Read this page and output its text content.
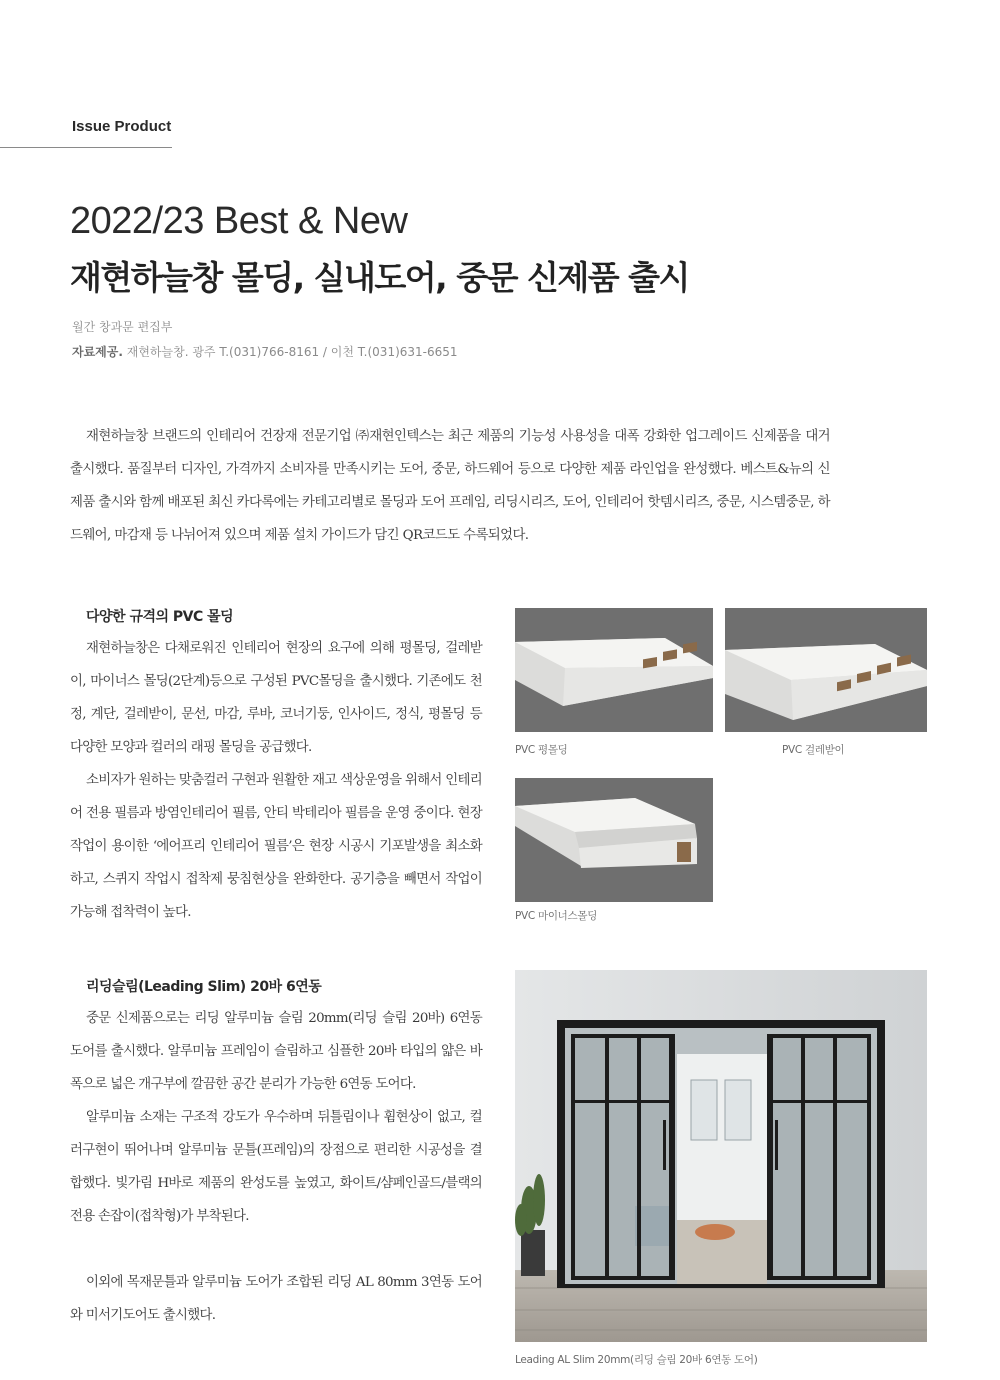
Issue Product
2022/23 Best & New
재현하늘창 몰딩, 실내도어, 중문 신제품 출시
월간 창과문 편집부
자료제공. 재현하늘창. 광주 T.(031)766-8161 / 이천 T.(031)631-6651

재현하늘창 브랜드의 인테리어 건장재 전문기업 ㈜재현인텍스는 최근 제품의 기능성 사용성을 대폭 강화한 업그레이드 신제품을 대거 출시했다. 품질부터 디자인, 가격까지 소비자를 만족시키는 도어, 중문, 하드웨어 등으로 다양한 제품 라인업을 완성했다. 베스트&뉴의 신제품 출시와 함께 배포된 최신 카다록에는 카테고리별로 몰딩과 도어 프레임, 리딩시리즈, 도어, 인테리어 핫템시리즈, 중문, 시스템중문, 하드웨어, 마감재 등 나뉘어져 있으며 제품 설치 가이드가 담긴 QR코드도 수록되었다.

다양한 규격의 PVC 몰딩

재현하늘창은 다채로워진 인테리어 현장의 요구에 의해 평몰딩, 걸레받이, 마이너스 몰딩(2단계)등으로 구성된 PVC몰딩을 출시했다. 기존에도 천정, 계단, 걸레받이, 문선, 마감, 루바, 코너기둥, 인사이드, 정식, 평몰딩 등 다양한 모양과 컬러의 래핑 몰딩을 공급했다.

소비자가 원하는 맞춤컬러 구현과 원활한 재고 색상운영을 위해서 인테리어 전용 필름과 방염인테리어 필름, 안티 박테리아 필름을 운영 중이다. 현장작업이 용이한 ‘에어프리 인테리어 필름’은 현장 시공시 기포발생을 최소화하고, 스퀴지 작업시 접착제 뭉침현상을 완화한다. 공기층을 빼면서 작업이 가능해 접착력이 높다.

PVC 평몰딩	PVC 걸레받이
PVC 마이너스몰딩
리딩슬림(Leading Slim) 20바 6연동

중문 신제품으로는 리딩 알루미늄 슬림 20mm(리딩 슬림 20바) 6연동 도어를 출시했다. 알루미늄 프레임이 슬림하고 심플한 20바 타입의 얇은 바 폭으로 넓은 개구부에 깔끔한 공간 분리가 가능한 6연동 도어다.

알루미늄 소재는 구조적 강도가 우수하며 뒤틀림이나 휨현상이 없고, 컬러구현이 뛰어나며 알루미늄 문틀(프레임)의 장점으로 편리한 시공성을 결합했다. 빛가림 H바로 제품의 완성도를 높였고, 화이트/샴페인골드/블랙의 전용 손잡이(접착형)가 부착된다.

이외에 목재문틀과 알루미늄 도어가 조합된 리딩 AL 80mm 3연동 도어와 미서기도어도 출시했다.

Leading AL Slim 20mm(리딩 슬림 20바 6연동 도어)
